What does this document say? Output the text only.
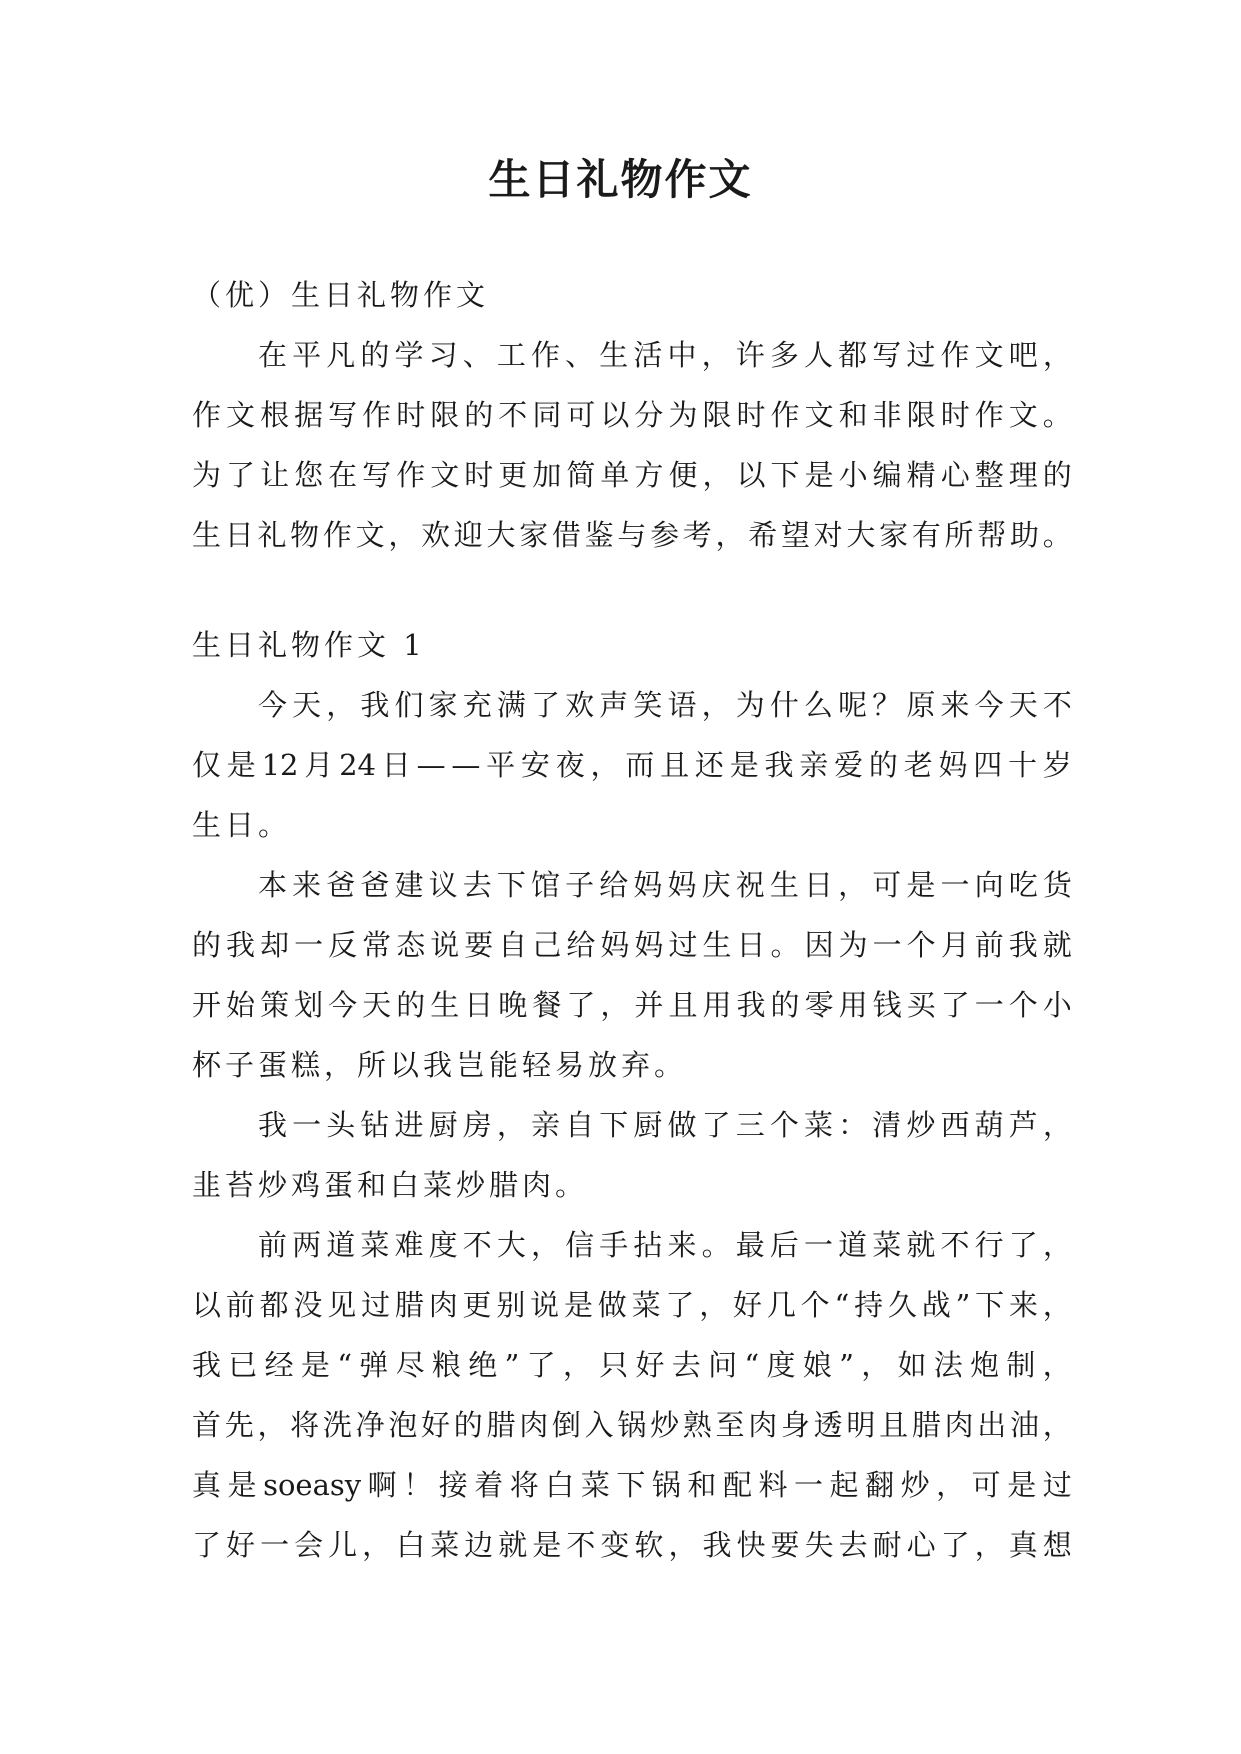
生日礼物作文
（优）生日礼物作文
在 平 凡 的 学 习 、 工 作 、 生 活 中 ， 许 多 人 都 写 过 作 文 吧 ，
作 文 根 据 写 作 时 限 的 不 同 可 以 分 为 限 时 作 文 和 非 限 时 作 文 。
为 了 让 您 在 写 作 文 时 更 加 简 单 方 便 ， 以 下 是 小 编 精 心 整 理 的
生 日 礼 物 作 文 ， 欢 迎 大 家 借 鉴 与 参 考 ， 希 望 对 大 家 有 所 帮 助 。
生日礼物作文 1
今 天 ， 我 们 家 充 满 了 欢 声 笑 语 ， 为 什 么 呢 ？ 原 来 今 天 不
仅 是 12 月 24 日 — — 平 安 夜 ， 而 且 还 是 我 亲 爱 的 老 妈 四 十 岁
生日。
本 来 爸 爸 建 议 去 下 馆 子 给 妈 妈 庆 祝 生 日 ， 可 是 一 向 吃 货
的 我 却 一 反 常 态 说 要 自 己 给 妈 妈 过 生 日 。 因 为 一 个 月 前 我 就
开 始 策 划 今 天 的 生 日 晚 餐 了 ， 并 且 用 我 的 零 用 钱 买 了 一 个 小
杯子蛋糕，所以我岂能轻易放弃。
我 一 头 钻 进 厨 房 ， 亲 自 下 厨 做 了 三 个 菜 ： 清 炒 西 葫 芦 ，
韭苔炒鸡蛋和白菜炒腊肉。
前 两 道 菜 难 度 不 大 ， 信 手 拈 来 。 最 后 一 道 菜 就 不 行 了 ，
以 前 都 没 见 过 腊 肉 更 别 说 是 做 菜 了 ， 好 几 个 “ 持 久 战 ” 下 来 ，
我 已 经 是 “ 弹 尽 粮 绝 ” 了 ， 只 好 去 问 “ 度 娘 ” ， 如 法 炮 制 ，
首 先 ， 将 洗 净 泡 好 的 腊 肉 倒 入 锅 炒 熟 至 肉 身 透 明 且 腊 肉 出 油 ，
真 是 soeasy 啊 ！ 接 着 将 白 菜 下 锅 和 配 料 一 起 翻 炒 ， 可 是 过
了 好 一 会 儿 ， 白 菜 边 就 是 不 变 软 ， 我 快 要 失 去 耐 心 了 ， 真 想
